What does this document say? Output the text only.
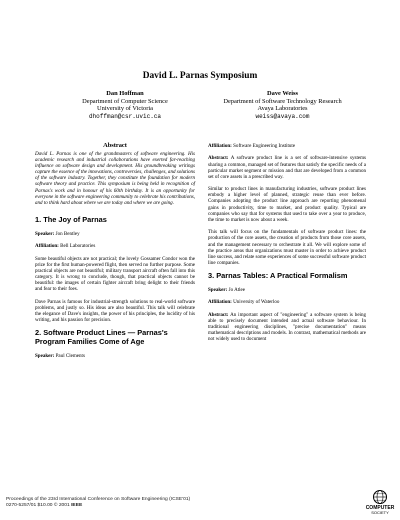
David L. Parnas Symposium
Dan Hoffman
Department of Computer Science
University of Victoria
dhoffman@csr.uvic.ca
Dave Weiss
Department of Software Technology Research
Avaya Laboratories
weiss@avaya.com
Abstract

David L. Parnas is one of the grandmasters of software engineering. His academic research and industrial collaborations have exerted far-reaching influence on software design and development. His groundbreaking writings capture the essence of the innovations, controversies, challenges, and solutions of the software industry. Together, they constitute the foundation for modern software theory and practice. This symposium is being held in recognition of Parnas's work and in honour of his 60th birthday. It is an opportunity for everyone in the software engineering community to celebrate his contributions, and to think hard about where we are today and where we are going.

1. The Joy of Parnas

Speaker: Jon Bentley

Affiliation: Bell Laboratories

Some beautiful objects are not practical; the lovely Gossamer Condor won the prize for the first human-powered flight, then served no further purpose. Some practical objects are not beautiful; military transport aircraft often fall into this category. It is wrong to conclude, though, that practical objects cannot be beautiful: the images of certain fighter aircraft bring delight to their friends and fear to their foes.

Dave Parnas is famous for industrial-strength solutions to real-world software problems, and justly so. His ideas are also beautiful. This talk will celebrate the elegance of Dave's insights, the power of his principles, the lucidity of his writing, and his passion for precision.

2. Software Product Lines — Parnas's Program Families Come of Age

Speaker: Paul Clements

Affiliation: Software Engineering Institute

Abstract: A software product line is a set of software-intensive systems sharing a common, managed set of features that satisfy the specific needs of a particular market segment or mission and that are developed from a common set of core assets in a prescribed way.

Similar to product lines in manufacturing industries, software product lines embody a higher level of planned, strategic reuse than ever before. Companies adopting the product line approach are reporting phenomenal gains in productivity, time to market, and product quality. Typical are companies who say that for systems that used to take over a year to produce, the time to market is now about a week.

This talk will focus on the fundamentals of software product lines: the production of the core assets, the creation of products from those core assets, and the management necessary to orchestrate it all. We will explore some of the practice areas that organizations must master in order to achieve product line success, and relate some experiences of some successful software product line companies.

3. Parnas Tables: A Practical Formalism

Speaker: Jo Atlee

Affiliation: University of Waterloo

Abstract: An important aspect of "engineering" a software system is being able to precisely document intended and actual software behaviour. In traditional engineering disciplines, "precise documentation" means mathematical descriptions and models. In contrast, mathematical methods are not widely used to document

Proceedings of the 23rd International Conference on Software Engineering (ICSE'01)
0270-5257/01 $10.00 © 2001 IEEE	COMPUTER
SOCIETY
